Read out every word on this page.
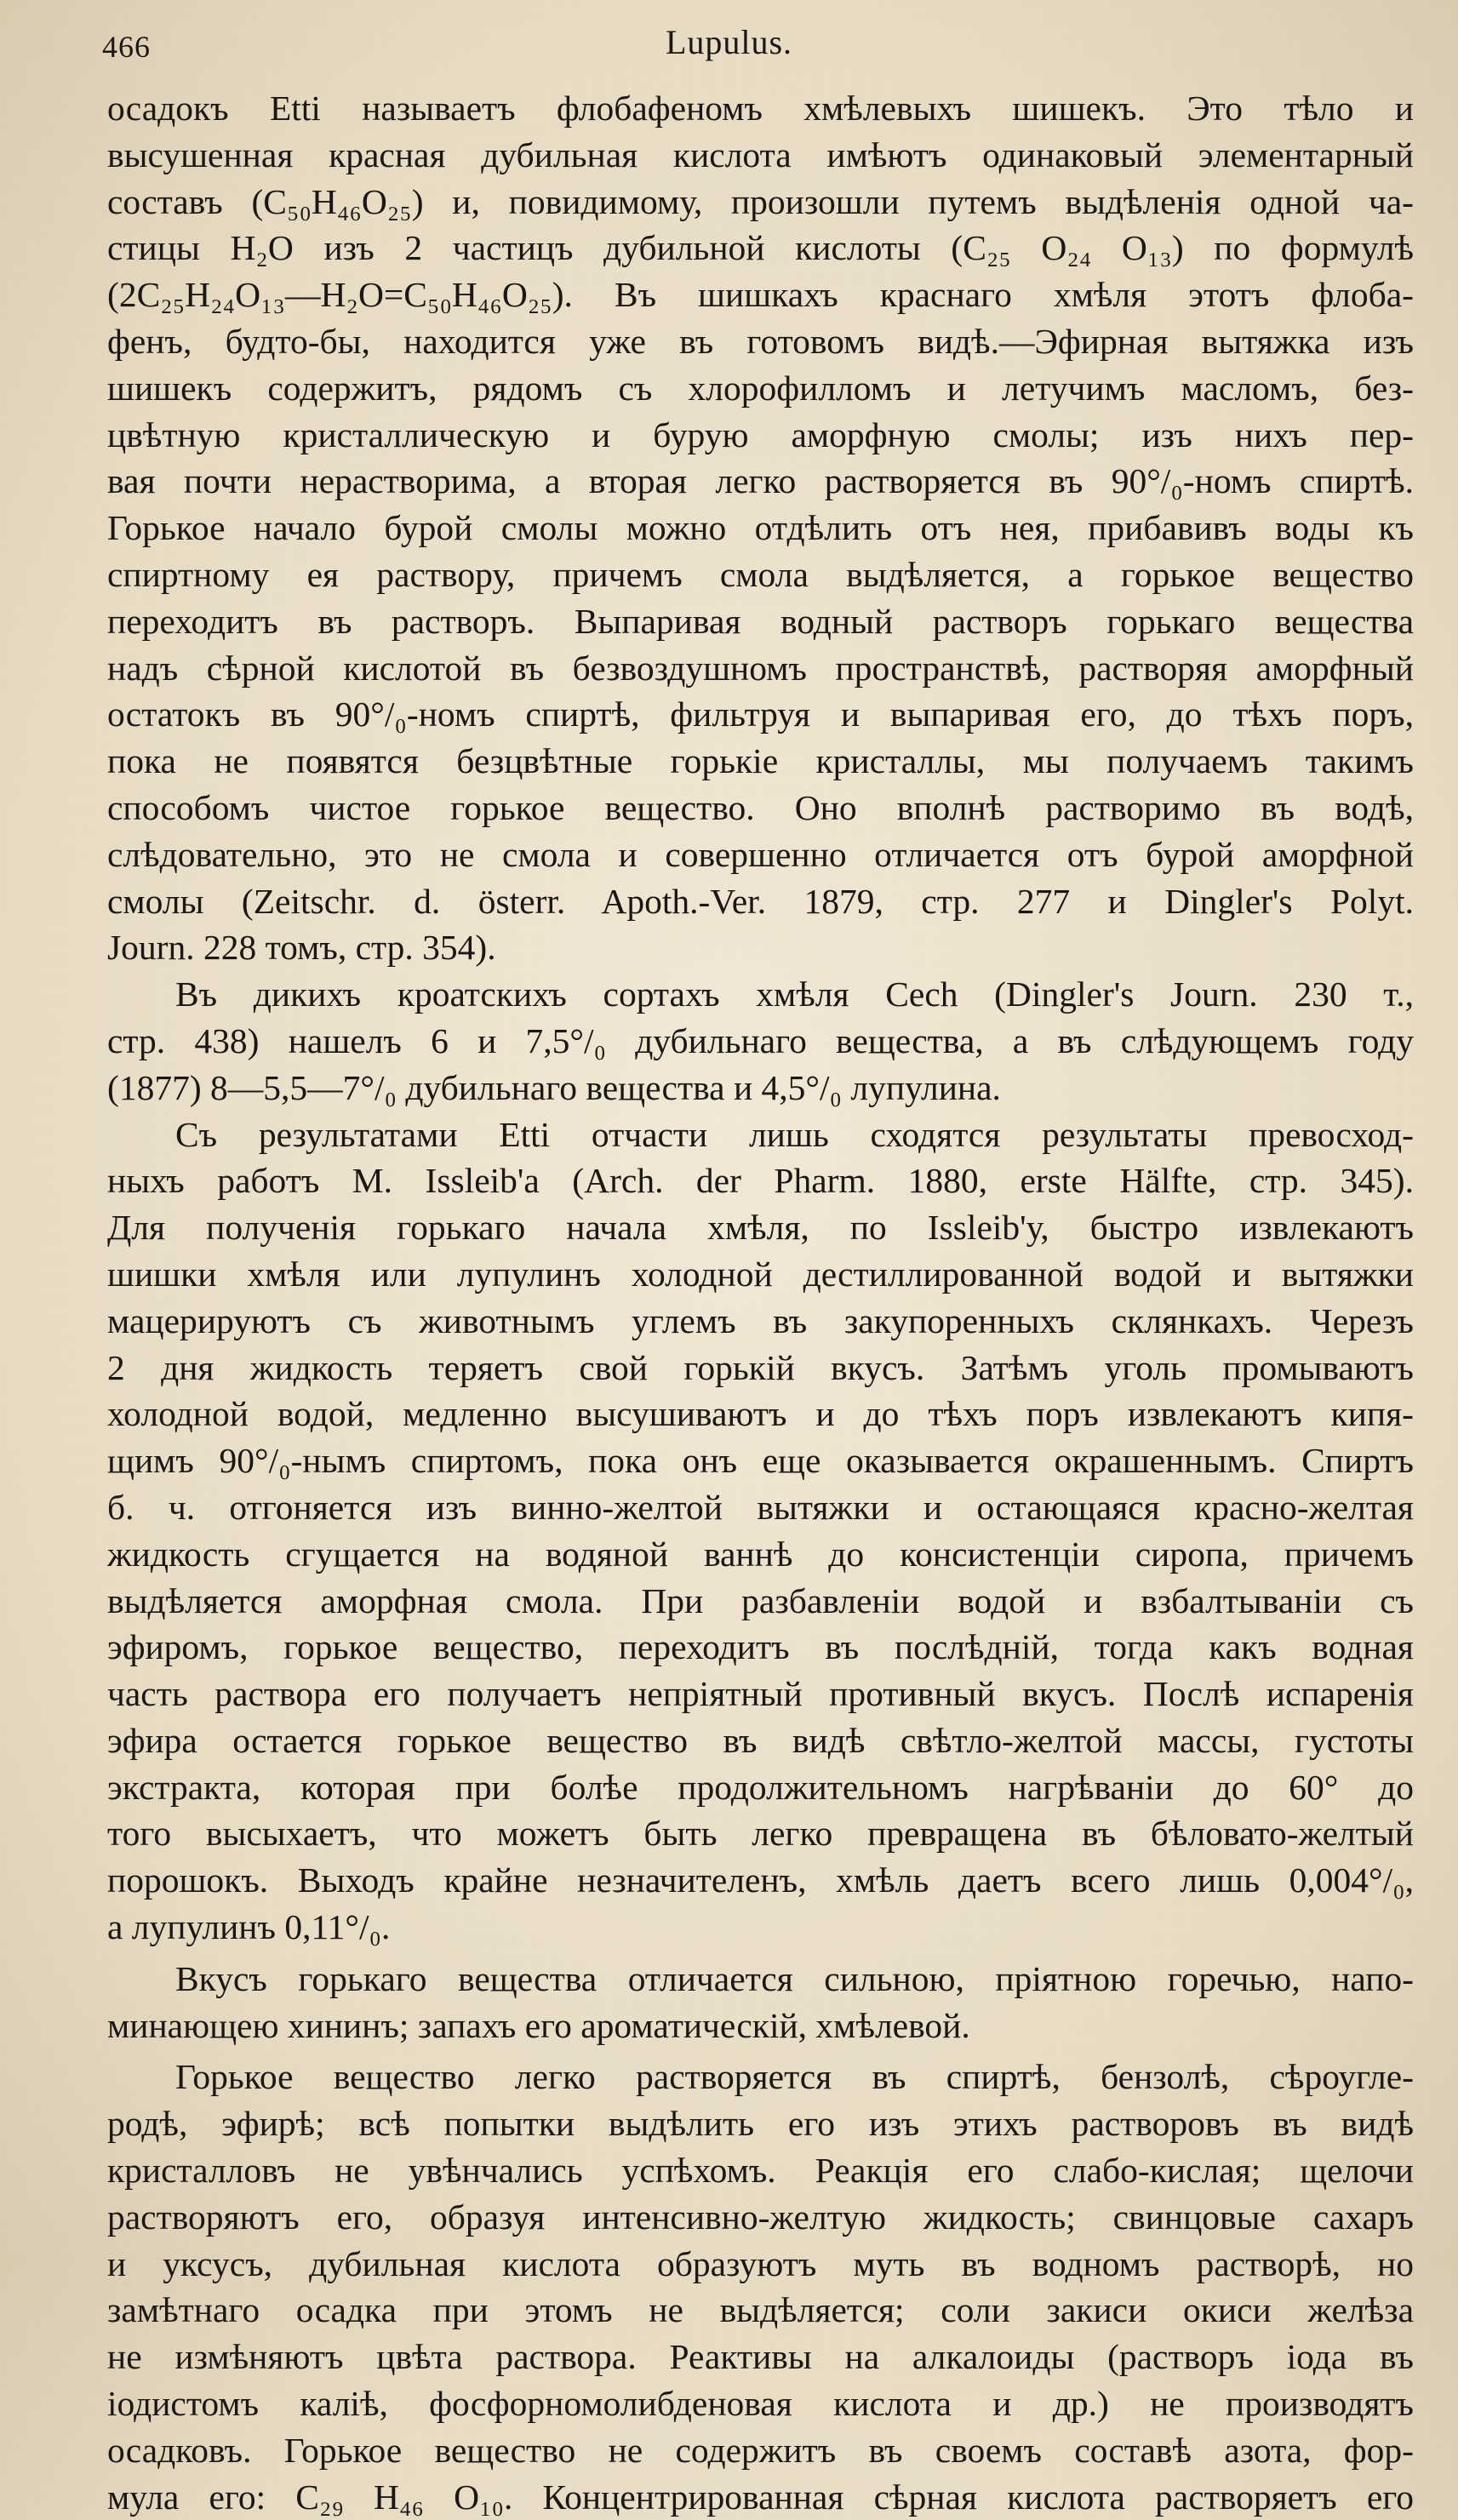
466	Lupulus.
осадокъ Etti называетъ флобафеномъ хмѣлевыхъ шишекъ. Это тѣло и
высушенная красная дубильная кислота имѣютъ одинаковый элементарный
составъ (C₅₀H₄₆O₂₅) и, повидимому, произошли путемъ выдѣленія одной ча-
стицы H₂O изъ 2 частицъ дубильной кислоты (C₂₅ O₂₄ O₁₃) по формулѣ
(2C₂₅H₂₄O₁₃—H₂O=C₅₀H₄₆O₂₅). Въ шишкахъ краснаго хмѣля этотъ флоба-
фенъ, будто-бы, находится уже въ готовомъ видѣ.—Эфирная вытяжка изъ
шишекъ содержитъ, рядомъ съ хлорофилломъ и летучимъ масломъ, без-
цвѣтную кристаллическую и бурую аморфную смолы; изъ нихъ пер-
вая почти нерастворима, а вторая легко растворяется въ 90°/₀-номъ спиртѣ.
Горькое начало бурой смолы можно отдѣлить отъ нея, прибавивъ воды къ
спиртному ея раствору, причемъ смола выдѣляется, а горькое вещество
переходитъ въ растворъ. Выпаривая водный растворъ горькаго вещества
надъ сѣрной кислотой въ безвоздушномъ пространствѣ, растворяя аморфный
остатокъ въ 90°/₀-номъ спиртѣ, фильтруя и выпаривая его, до тѣхъ поръ,
пока не появятся безцвѣтные горькіе кристаллы, мы получаемъ такимъ
способомъ чистое горькое вещество. Оно вполнѣ растворимо въ водѣ,
слѣдовательно, это не смола и совершенно отличается отъ бурой аморфной
смолы (Zeitschr. d. österr. Apoth.-Ver. 1879, стр. 277 и Dingler's Polyt.
Journ. 228 томъ, стр. 354).
Въ дикихъ кроатскихъ сортахъ хмѣля Cech (Dingler's Journ. 230 т.,
стр. 438) нашелъ 6 и 7,5°/₀ дубильнаго вещества, а въ слѣдующемъ году
(1877) 8—5,5—7°/₀ дубильнаго вещества и 4,5°/₀ лупулина.
Съ результатами Etti отчасти лишь сходятся результаты превосход-
ныхъ работъ M. Issleib'a (Arch. der Pharm. 1880, erste Hälfte, стр. 345).
Для полученія горькаго начала хмѣля, по Issleib'у, быстро извлекаютъ
шишки хмѣля или лупулинъ холодной дестиллированной водой и вытяжки
мацерируютъ съ животнымъ углемъ въ закупоренныхъ склянкахъ. Черезъ
2 дня жидкость теряетъ свой горькій вкусъ. Затѣмъ уголь промываютъ
холодной водой, медленно высушиваютъ и до тѣхъ поръ извлекаютъ кипя-
щимъ 90°/₀-нымъ спиртомъ, пока онъ еще оказывается окрашеннымъ. Спиртъ
б. ч. отгоняется изъ винно-желтой вытяжки и остающаяся красно-желтая
жидкость сгущается на водяной ваннѣ до консистенціи сиропа, причемъ
выдѣляется аморфная смола. При разбавленіи водой и взбалтываніи съ
эфиромъ, горькое вещество, переходитъ въ послѣдній, тогда какъ водная
часть раствора его получаетъ непріятный противный вкусъ. Послѣ испаренія
эфира остается горькое вещество въ видѣ свѣтло-желтой массы, густоты
экстракта, которая при болѣе продолжительномъ нагрѣваніи до 60° до
того высыхаетъ, что можетъ быть легко превращена въ бѣловато-желтый
порошокъ. Выходъ крайне незначителенъ, хмѣль даетъ всего лишь 0,004°/₀,
а лупулинъ 0,11°/₀.
Вкусъ горькаго вещества отличается сильною, пріятною горечью, напо-
минающею хининъ; запахъ его ароматическій, хмѣлевой.
Горькое вещество легко растворяется въ спиртѣ, бензолѣ, сѣроугле-
родѣ, эфирѣ; всѣ попытки выдѣлить его изъ этихъ растворовъ въ видѣ
кристалловъ не увѣнчались успѣхомъ. Реакція его слабо-кислая; щелочи
растворяютъ его, образуя интенсивно-желтую жидкость; свинцовые сахаръ
и уксусъ, дубильная кислота образуютъ муть въ водномъ растворѣ, но
замѣтнаго осадка при этомъ не выдѣляется; соли закиси окиси желѣза
не измѣняютъ цвѣта раствора. Реактивы на алкалоиды (растворъ іода въ
іодистомъ каліѣ, фосфорномолибденовая кислота и др.) не производятъ
осадковъ. Горькое вещество не содержитъ въ своемъ составѣ азота, фор-
мула его: C₂₉ H₄₆ O₁₀. Концентрированная сѣрная кислота растворяетъ его
